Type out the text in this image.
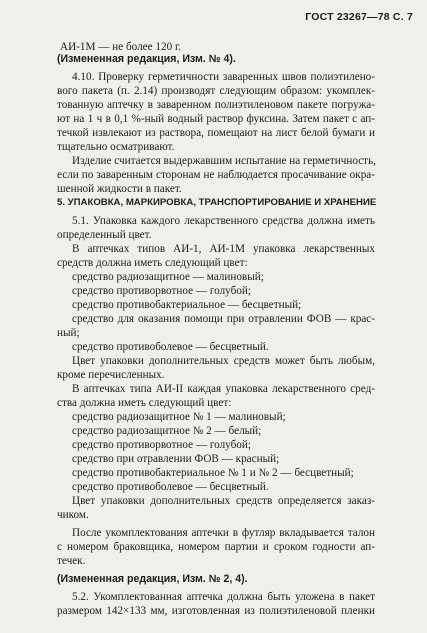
ГОСТ 23267—78 С. 7
АИ-1М — не более 120 г.
(Измененная редакция, Изм. № 4).
4.10. Проверку герметичности заваренных швов полиэтилено-
вого пакета (п. 2.14) производят следующим образом: укомплек-
тованную аптечку в заваренном полиэтиленовом пакете погружа-
ют на 1 ч в 0,1 %-ный водный раствор фуксина. Затем пакет с ап-
течкой извлекают из раствора, помещают на лист белой бумаги и
тщательно осматривают.
Изделие считается выдержавшим испытание на герметичность,
если по заваренным сторонам не наблюдается просачивание окра-
шенной жидкости в пакет.
5. УПАКОВКА, МАРКИРОВКА, ТРАНСПОРТИРОВАНИЕ И ХРАНЕНИЕ
5.1. Упаковка каждого лекарственного средства должна иметь
определенный цвет.
В аптечках типов АИ-1, АИ-1М упаковка лекарственных
средств должна иметь следующий цвет:
средство радиозащитное — малиновый;
средство противорвотное — голубой;
средство противобактериальное — бесцветный;
средство для оказания помощи при отравлении ФОВ — крас-
ный;
средство противоболевое — бесцветный.
Цвет упаковки дополнительных средств может быть любым,
кроме перечисленных.
В аптечках типа АИ-II каждая упаковка лекарственного сред-
ства должна иметь следующий цвет:
средство радиозащитное № 1 — малиновый;
средство радиозащитное № 2 — белый;
средство противорвотное — голубой;
средство при отравлении ФОВ — красный;
средство противобактериальное № 1 и № 2 — бесцветный;
средство противоболевое — бесцветный.
Цвет упаковки дополнительных средств определяется заказ-
чиком.
После укомплектования аптечки в футляр вкладывается талон
с номером браковщика, номером партии и сроком годности ап-
течек.
(Измененная редакция, Изм. № 2, 4).
5.2. Укомплектованная аптечка должна быть уложена в пакет
размером 142×133 мм, изготовленная из полиэтиленовой пленки
